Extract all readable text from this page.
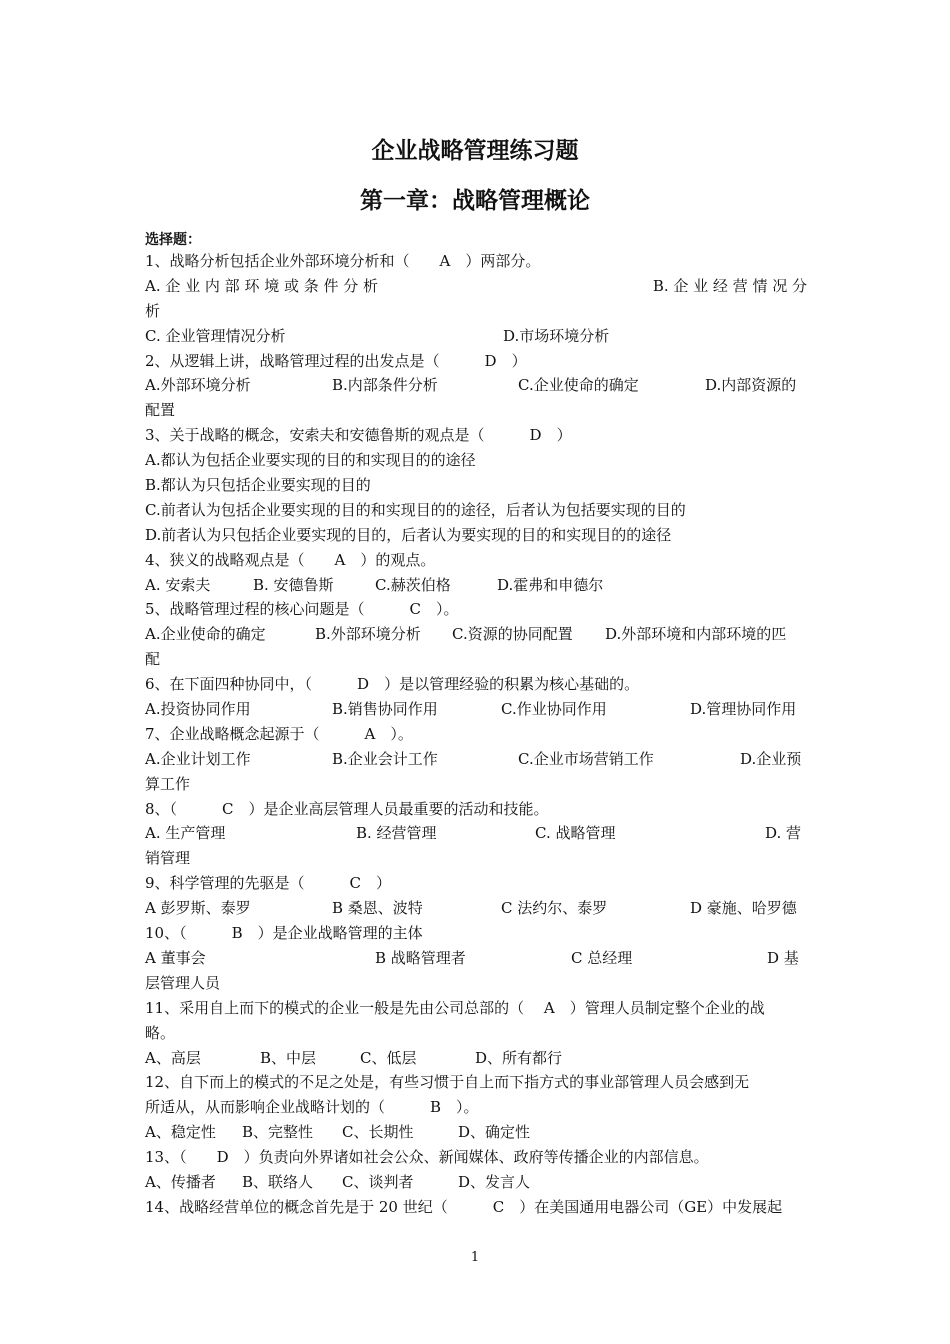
企业战略管理练习题
第一章：战略管理概论
选择题：
1、战略分析包括企业外部环境分析和（　　A　）两部分。
A. 企 业 内 部 环 境 或 条 件 分 析	B. 企 业 经 营 情 况 分
析
C. 企业管理情况分析	D.市场环境分析
2、从逻辑上讲，战略管理过程的出发点是（　　　D　）
A.外部环境分析	B.内部条件分析	C.企业使命的确定	D.内部资源的
配置
3、关于战略的概念，安索夫和安德鲁斯的观点是（　　　D　）
A.都认为包括企业要实现的目的和实现目的的途径
B.都认为只包括企业要实现的目的
C.前者认为包括企业要实现的目的和实现目的的途径，后者认为包括要实现的目的
D.前者认为只包括企业要实现的目的，后者认为要实现的目的和实现目的的途径
4、狭义的战略观点是（　　A　）的观点。
A. 安索夫	B. 安德鲁斯	C.赫茨伯格	D.霍弗和申德尔
5、战略管理过程的核心问题是（　　　C　）。
A.企业使命的确定	B.外部环境分析 C.资源的协同配置 D.外部环境和内部环境的匹
配
6、在下面四种协同中，（　　　D　）是以管理经验的积累为核心基础的。
A.投资协同作用	B.销售协同作用	C.作业协同作用	D.管理协同作用
7、企业战略概念起源于（　　　A　）。
A.企业计划工作	B.企业会计工作	C.企业市场营销工作	D.企业预
算工作
8、（　　　C　）是企业高层管理人员最重要的活动和技能。
A. 生产管理	B. 经营管理	C. 战略管理	D. 营
销管理
9、科学管理的先驱是（　　　C　）
A 彭罗斯、泰罗	B 桑恩、波特	C 法约尔、泰罗	D 豪施、哈罗德
10、（　　　B　）是企业战略管理的主体
A 董事会	B 战略管理者	C 总经理	D 基
层管理人员
11、采用自上而下的模式的企业一般是先由公司总部的（　 A　）管理人员制定整个企业的战
略。
A、高层	B、中层	C、低层	D、所有都行
12、自下而上的模式的不足之处是，有些习惯于自上而下指方式的事业部管理人员会感到无
所适从，从而影响企业战略计划的（　　　B　）。
A、稳定性 B、完整性 C、长期性	D、确定性
13、（　　D　）负责向外界诸如社会公众、新闻媒体、政府等传播企业的内部信息。
A、传播者 B、联络人 C、谈判者	D、发言人
14、战略经营单位的概念首先是于 20 世纪（　　　C　）在美国通用电器公司（GE）中发展起
1
